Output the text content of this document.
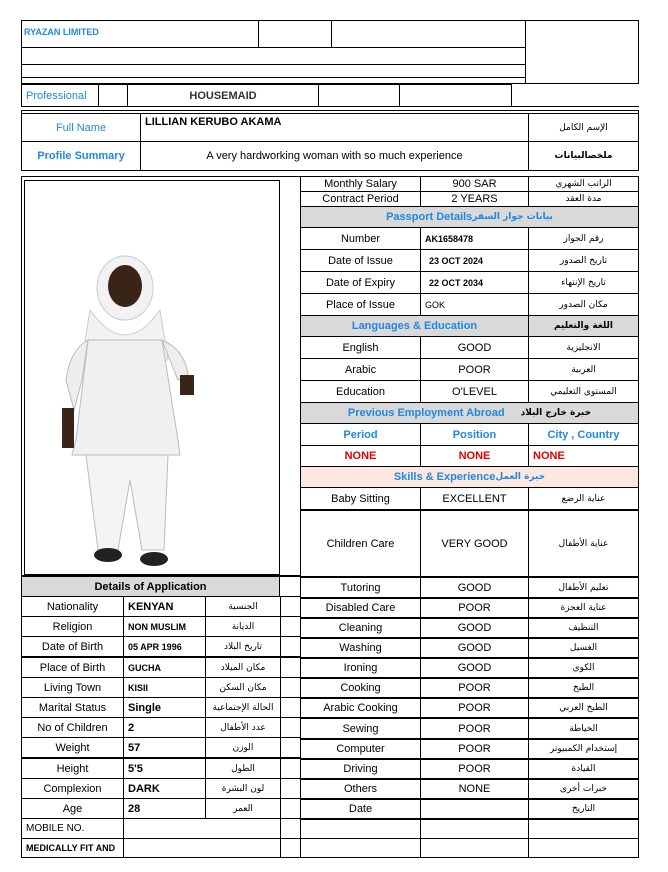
RYAZAN LIMITED
Professional	HOUSEMAID
Full Name	LILLIAN KERUBO AKAMA	الإسم الكامل
Profile Summary	A very hardworking woman with so much experience	ملخصالبيانات
Monthly Salary	900 SAR	الراتب الشهري
Contract Period	2 YEARS	مدة العقد
Passport Details بيانات جواز السفر
Number	AK1658478	رقم الجواز
Date of Issue	23 OCT 2024	تاريخ الصدور
Date of Expiry	22 OCT 2034	تاريخ الإنتهاء
Place of Issue	GOK	مكان الصدور
Languages & Education	اللغة والتعليم
English	GOOD	الانجليزية
Arabic	POOR	العربية
Education	O'LEVEL	المستوى التعليمي
Previous Employment Abroad خبرة خارج البلاد
Period	Position	City , Country
NONE	NONE	NONE
Skills & Experience خبرة العمل
Baby Sitting	EXCELLENT	عناية الرضع
Children Care	VERY GOOD	عناية الأطفال
Tutoring	GOOD	تعليم الأطفال
Disabled Care	POOR	عناية العجزة
Cleaning	GOOD	التنظيف
Washing	GOOD	الغسيل
Ironing	GOOD	الكوي
Cooking	POOR	الطبخ
Arabic Cooking	POOR	الطبخ العربي
Sewing	POOR	الخياطة
Computer	POOR	إستخدام الكمبيوتر
Driving	POOR	القيادة
Others	NONE	خبرات أخرى
Date	التاريخ
Details of Application
Nationality	KENYAN	الجنسية
Religion	NON MUSLIM	الديانة
Date of Birth	05 APR 1996	تاريخ البلاد
Place of Birth	GUCHA	مكان الميلاد
Living Town	KISII	مكان السكن
Marital Status	Single	الحالة الإجتماعية
No of Children	2	عدد الأطفال
Weight	57	الوزن
Height	5'5	الطول
Complexion	DARK	لون البشرة
Age	28	العمر
MOBILE NO.
MEDICALLY FIT AND
